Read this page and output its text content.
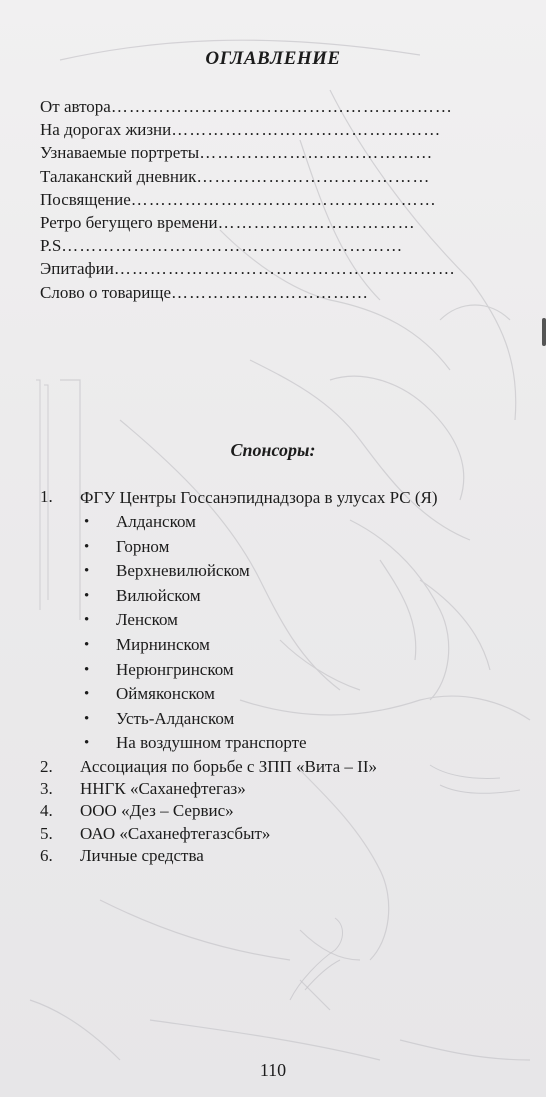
ОГЛАВЛЕНИЕ
От автора…………………………………………………
На дорогах жизни………………………………………
Узнаваемые портреты…………………………………
Талаканский дневник…………………………………
Посвящение……………………………………………
Ретро бегущего времени……………………………
P.S…………………………………………………
Эпитафии…………………………………………………
Слово о товарище……………………………
Спонсоры:
1. ФГУ Центры Госсанэпиднадзора в улусах РС (Я)
• Алданском
• Горном
• Верхневилюйском
• Вилюйском
• Ленском
• Мирнинском
• Нерюнгринском
• Оймяконском
• Усть-Алданском
• На воздушном транспорте
2. Ассоциация по борьбе с ЗПП «Вита – II»
3. ННГК «Саханефтегаз»
4. ООО «Дез – Сервис»
5. ОАО «Саханефтегазсбыт»
6. Личные средства
110
